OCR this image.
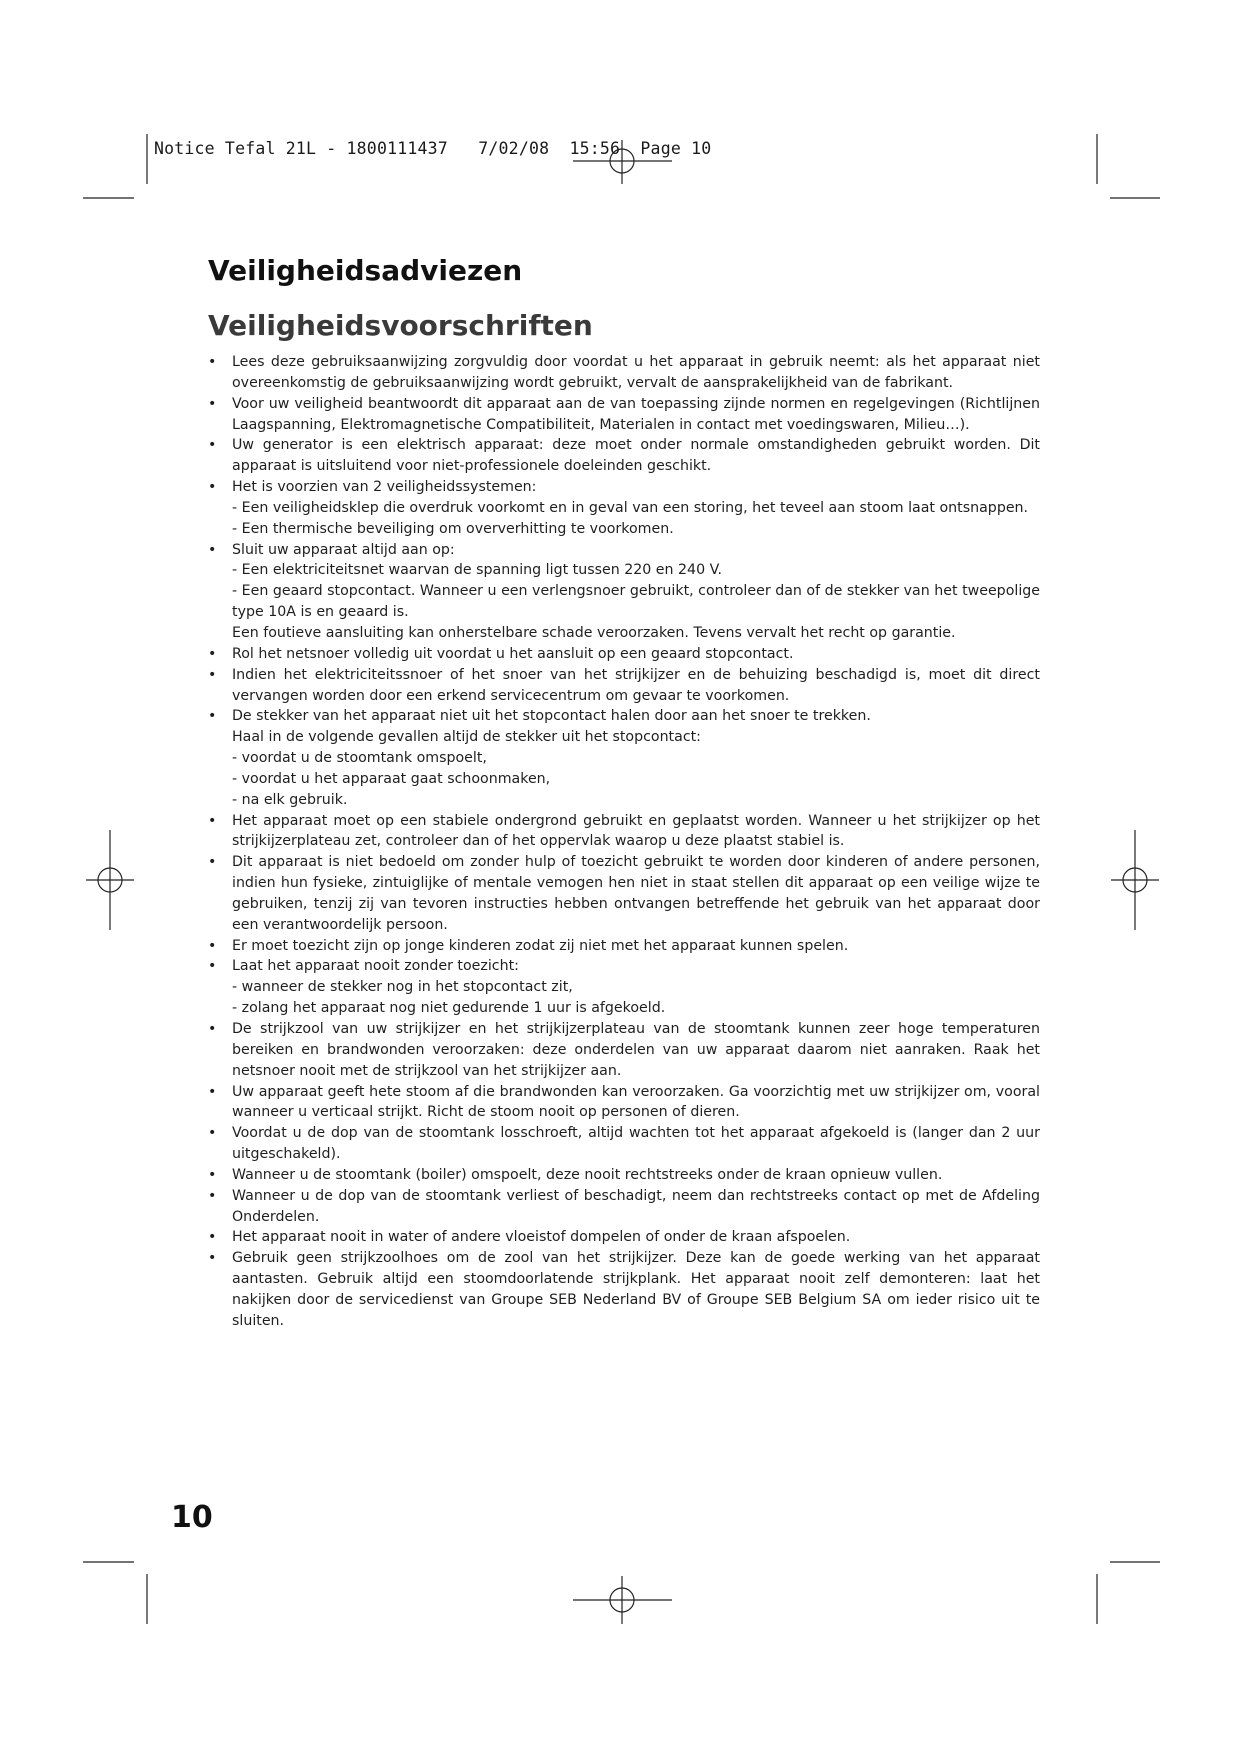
Notice Tefal 21L - 1800111437   7/02/08  15:56  Page 10
Veiligheidsadviezen
Veiligheidsvoorschriften
• Lees deze gebruiksaanwijzing zorgvuldig door voordat u het apparaat in gebruik neemt: als het apparaat niet overeenkomstig de gebruiksaanwijzing wordt gebruikt, vervalt de aansprakelijkheid van de fabrikant.
• Voor uw veiligheid beantwoordt dit apparaat aan de van toepassing zijnde normen en regelgevingen (Richtlijnen Laagspanning, Elektromagnetische Compatibiliteit, Materialen in contact met voedingswaren, Milieu…).
• Uw generator is een elektrisch apparaat: deze moet onder normale omstandigheden gebruikt worden. Dit apparaat is uitsluitend voor niet-professionele doeleinden geschikt.
• Het is voorzien van 2 veiligheidssystemen:
- Een veiligheidsklep die overdruk voorkomt en in geval van een storing, het teveel aan stoom laat ontsnappen.
- Een thermische beveiliging om oververhitting te voorkomen.
• Sluit uw apparaat altijd aan op:
- Een elektriciteitsnet waarvan de spanning ligt tussen 220 en 240 V.
- Een geaard stopcontact. Wanneer u een verlengsnoer gebruikt, controleer dan of de stekker van het tweepolige type 10A is en geaard is.
Een foutieve aansluiting kan onherstelbare schade veroorzaken. Tevens vervalt het recht op garantie.
• Rol het netsnoer volledig uit voordat u het aansluit op een geaard stopcontact.
• Indien het elektriciteitssnoer of het snoer van het strijkijzer en de behuizing beschadigd is, moet dit direct vervangen worden door een erkend servicecentrum om gevaar te voorkomen.
• De stekker van het apparaat niet uit het stopcontact halen door aan het snoer te trekken.
Haal in de volgende gevallen altijd de stekker uit het stopcontact:
- voordat u de stoomtank omspoelt,
- voordat u het apparaat gaat schoonmaken,
- na elk gebruik.
• Het apparaat moet op een stabiele ondergrond gebruikt en geplaatst worden. Wanneer u het strijkijzer op het strijkijzerplateau zet, controleer dan of het oppervlak waarop u deze plaatst stabiel is.
• Dit apparaat is niet bedoeld om zonder hulp of toezicht gebruikt te worden door kinderen of andere personen, indien hun fysieke, zintuiglijke of mentale vemogen hen niet in staat stellen dit apparaat op een veilige wijze te gebruiken, tenzij zij van tevoren instructies hebben ontvangen betreffende het gebruik van het apparaat door een verantwoordelijk persoon.
• Er moet toezicht zijn op jonge kinderen zodat zij niet met het apparaat kunnen spelen.
• Laat het apparaat nooit zonder toezicht:
- wanneer de stekker nog in het stopcontact zit,
- zolang het apparaat nog niet gedurende 1 uur is afgekoeld.
• De strijkzool van uw strijkijzer en het strijkijzerplateau van de stoomtank kunnen zeer hoge temperaturen bereiken en brandwonden veroorzaken: deze onderdelen van uw apparaat daarom niet aanraken. Raak het netsnoer nooit met de strijkzool van het strijkijzer aan.
• Uw apparaat geeft hete stoom af die brandwonden kan veroorzaken. Ga voorzichtig met uw strijkijzer om, vooral wanneer u verticaal strijkt. Richt de stoom nooit op personen of dieren.
• Voordat u de dop van de stoomtank losschroeft, altijd wachten tot het apparaat afgekoeld is (langer dan 2 uur uitgeschakeld).
• Wanneer u de stoomtank (boiler) omspoelt, deze nooit rechtstreeks onder de kraan opnieuw vullen.
• Wanneer u de dop van de stoomtank verliest of beschadigt, neem dan rechtstreeks contact op met de Afdeling Onderdelen.
• Het apparaat nooit in water of andere vloeistof dompelen of onder de kraan afspoelen.
• Gebruik geen strijkzoolhoes om de zool van het strijkijzer. Deze kan de goede werking van het apparaat aantasten. Gebruik altijd een stoomdoorlatende strijkplank. Het apparaat nooit zelf demonteren: laat het nakijken door de servicedienst van Groupe SEB Nederland BV of Groupe SEB Belgium SA om ieder risico uit te sluiten.
10
